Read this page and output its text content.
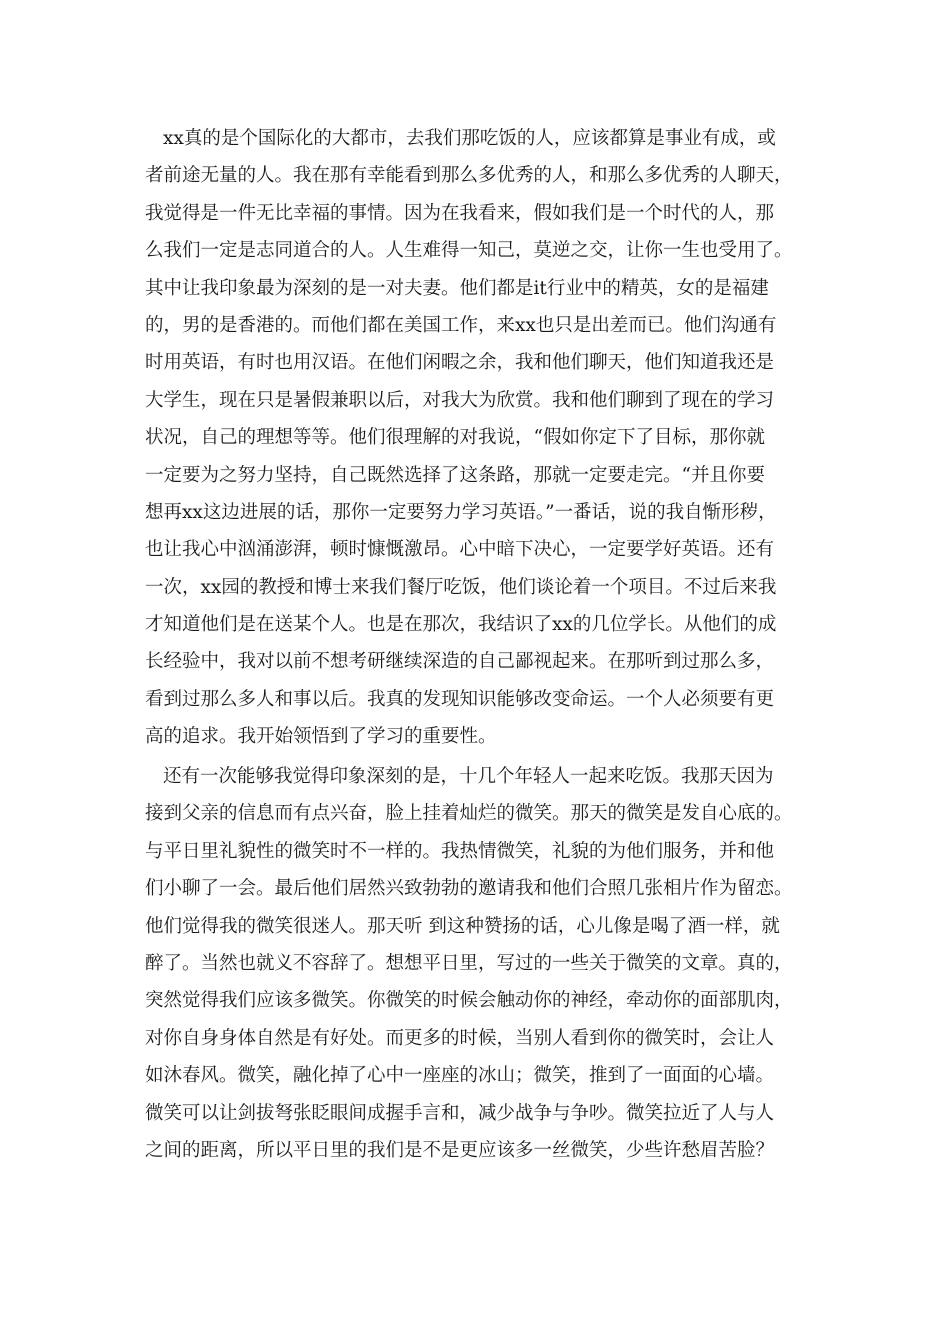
xx真的是个国际化的大都市，去我们那吃饭的人，应该都算是事业有成，或
者前途无量的人。我在那有幸能看到那么多优秀的人，和那么多优秀的人聊天，
我觉得是一件无比幸福的事情。因为在我看来，假如我们是一个时代的人，那
么我们一定是志同道合的人。人生难得一知己，莫逆之交，让你一生也受用了。
其中让我印象最为深刻的是一对夫妻。他们都是it行业中的精英，女的是福建
的，男的是香港的。而他们都在美国工作，来xx也只是出差而已。他们沟通有
时用英语，有时也用汉语。在他们闲暇之余，我和他们聊天，他们知道我还是
大学生，现在只是暑假兼职以后，对我大为欣赏。我和他们聊到了现在的学习
状况，自己的理想等等。他们很理解的对我说，“假如你定下了目标，那你就
一定要为之努力坚持，自己既然选择了这条路，那就一定要走完。“并且你要
想再xx这边进展的话，那你一定要努力学习英语。”一番话，说的我自惭形秽，
也让我心中汹涌澎湃，顿时慷慨激昂。心中暗下决心，一定要学好英语。还有
一次，xx园的教授和博士来我们餐厅吃饭，他们谈论着一个项目。不过后来我
才知道他们是在送某个人。也是在那次，我结识了xx的几位学长。从他们的成
长经验中，我对以前不想考研继续深造的自己鄙视起来。在那听到过那么多，
看到过那么多人和事以后。我真的发现知识能够改变命运。一个人必须要有更
高的追求。我开始领悟到了学习的重要性。
还有一次能够我觉得印象深刻的是，十几个年轻人一起来吃饭。我那天因为
接到父亲的信息而有点兴奋，脸上挂着灿烂的微笑。那天的微笑是发自心底的。
与平日里礼貌性的微笑时不一样的。我热情微笑，礼貌的为他们服务，并和他
们小聊了一会。最后他们居然兴致勃勃的邀请我和他们合照几张相片作为留恋。
他们觉得我的微笑很迷人。那天听 到这种赞扬的话，心儿像是喝了酒一样，就
醉了。当然也就义不容辞了。想想平日里，写过的一些关于微笑的文章。真的，
突然觉得我们应该多微笑。你微笑的时候会触动你的神经，牵动你的面部肌肉，
对你自身身体自然是有好处。而更多的时候，当别人看到你的微笑时，会让人
如沐春风。微笑，融化掉了心中一座座的冰山；微笑，推到了一面面的心墙。
微笑可以让剑拔弩张眨眼间成握手言和，减少战争与争吵。微笑拉近了人与人
之间的距离，所以平日里的我们是不是更应该多一丝微笑，少些许愁眉苦脸？
